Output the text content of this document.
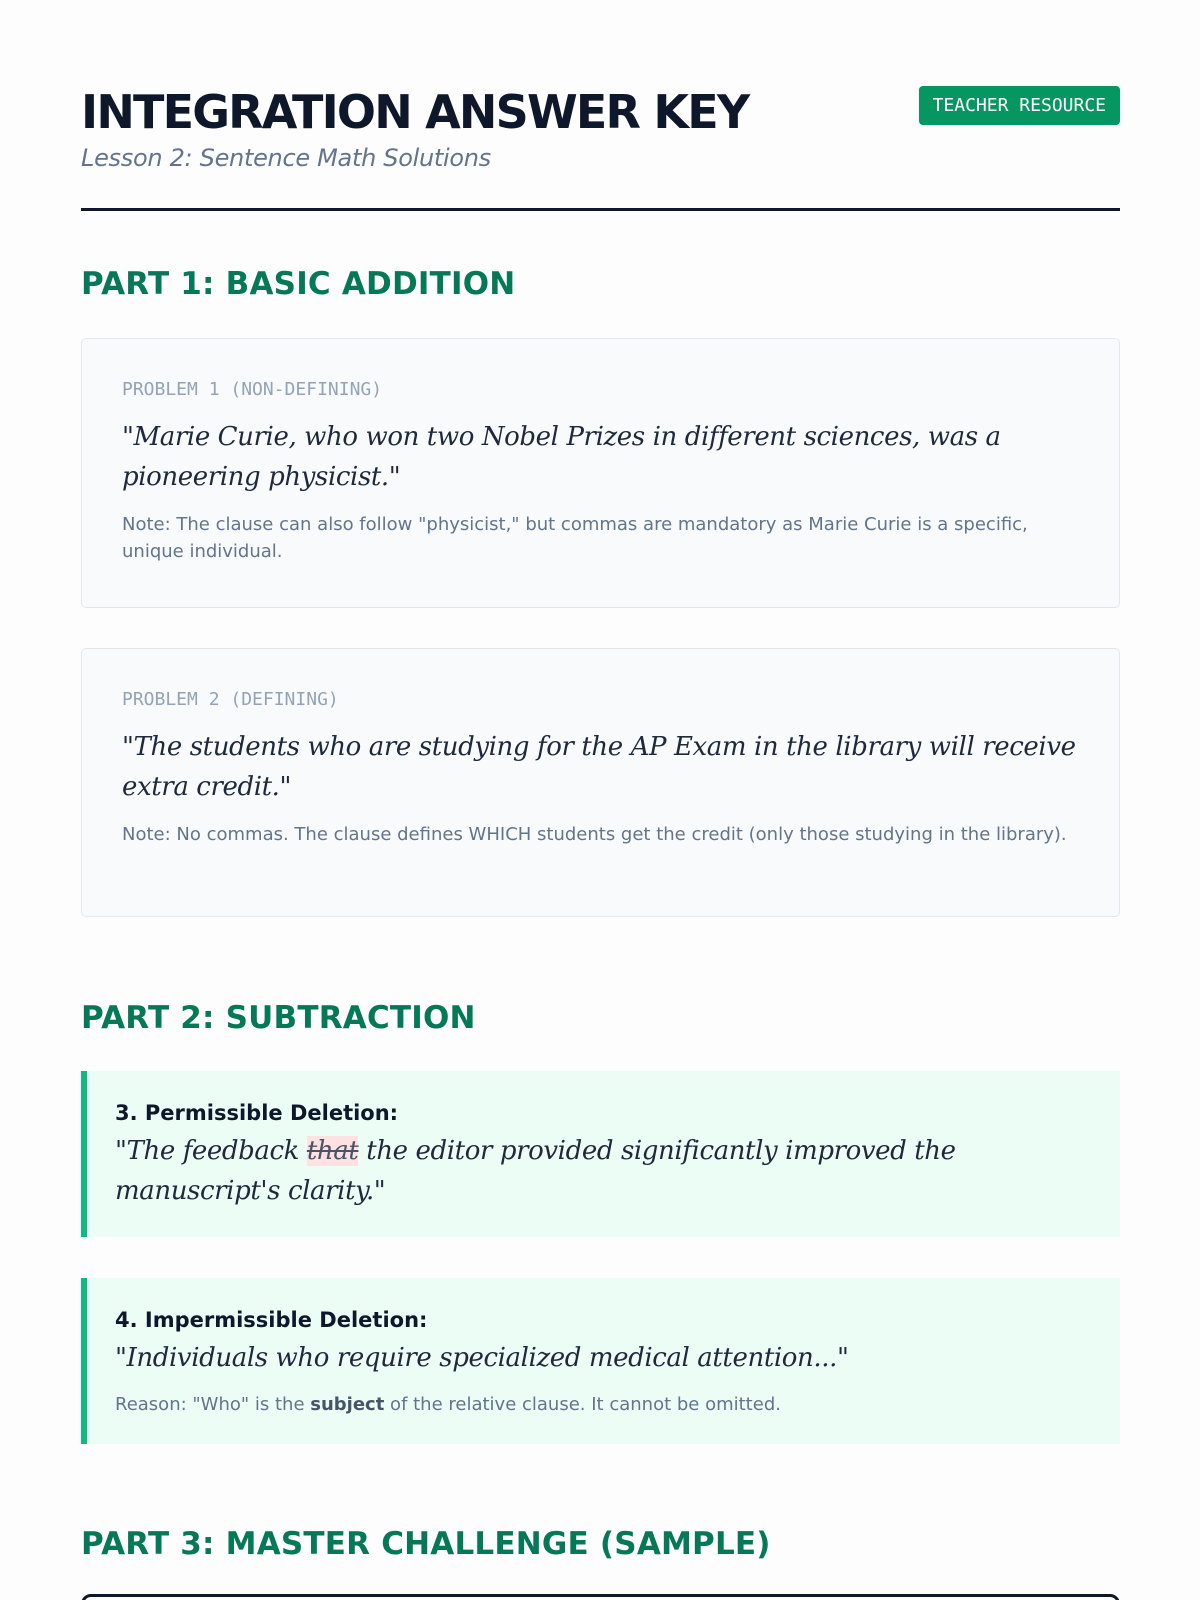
INTEGRATION ANSWER KEY
Lesson 2: Sentence Math Solutions
TEACHER RESOURCE
PART 1: BASIC ADDITION
PROBLEM 1 (NON-DEFINING)
"Marie Curie, who won two Nobel Prizes in different sciences, was a pioneering physicist."
Note: The clause can also follow "physicist," but commas are mandatory as Marie Curie is a specific, unique individual.
PROBLEM 2 (DEFINING)
"The students who are studying for the AP Exam in the library will receive extra credit."
Note: No commas. The clause defines WHICH students get the credit (only those studying in the library).
PART 2: SUBTRACTION
3. Permissible Deletion:
"The feedback that the editor provided significantly improved the manuscript's clarity."
4. Impermissible Deletion:
"Individuals who require specialized medical attention..."
Reason: "Who" is the subject of the relative clause. It cannot be omitted.
PART 3: MASTER CHALLENGE (SAMPLE)
